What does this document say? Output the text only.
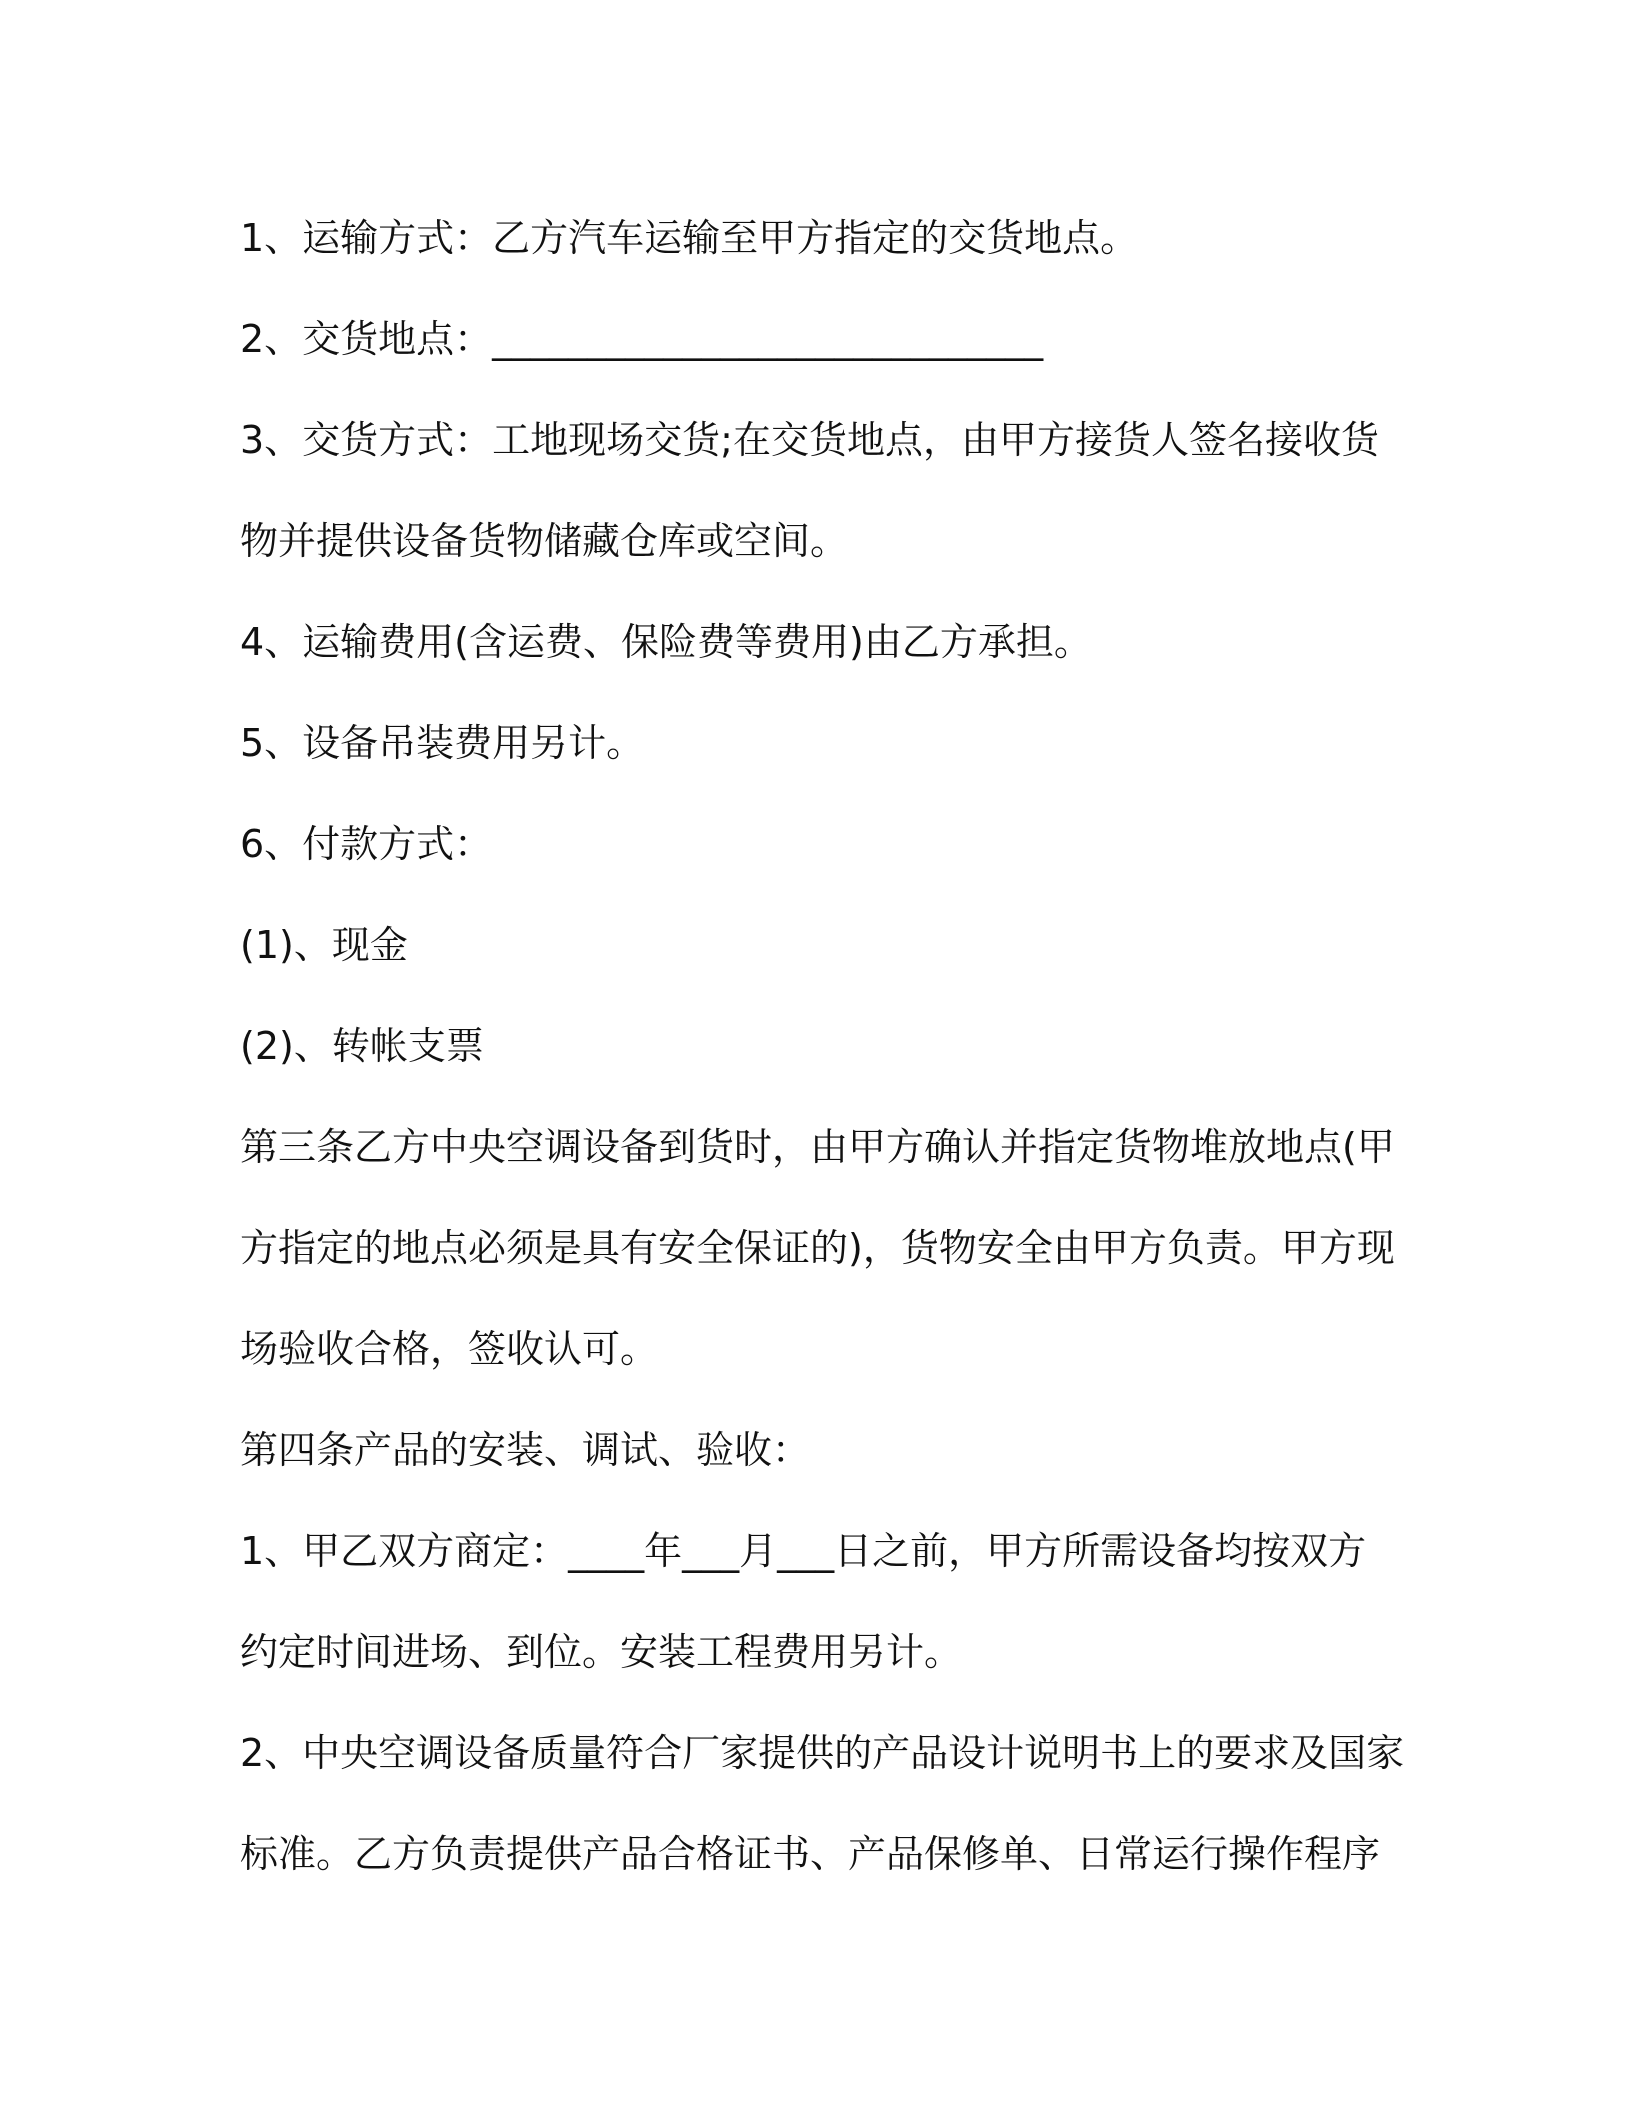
1、运输方式：乙方汽车运输至甲方指定的交货地点。
2、交货地点：_____________________________
3、交货方式：工地现场交货;在交货地点，由甲方接货人签名接收货
物并提供设备货物储藏仓库或空间。
4、运输费用(含运费、保险费等费用)由乙方承担。
5、设备吊装费用另计。
6、付款方式：
(1)、现金
(2)、转帐支票
第三条乙方中央空调设备到货时，由甲方确认并指定货物堆放地点(甲
方指定的地点必须是具有安全保证的)，货物安全由甲方负责。甲方现
场验收合格，签收认可。
第四条产品的安装、调试、验收：
1、甲乙双方商定：____年___月___日之前，甲方所需设备均按双方
约定时间进场、到位。安装工程费用另计。
2、中央空调设备质量符合厂家提供的产品设计说明书上的要求及国家
标准。乙方负责提供产品合格证书、产品保修单、日常运行操作程序
